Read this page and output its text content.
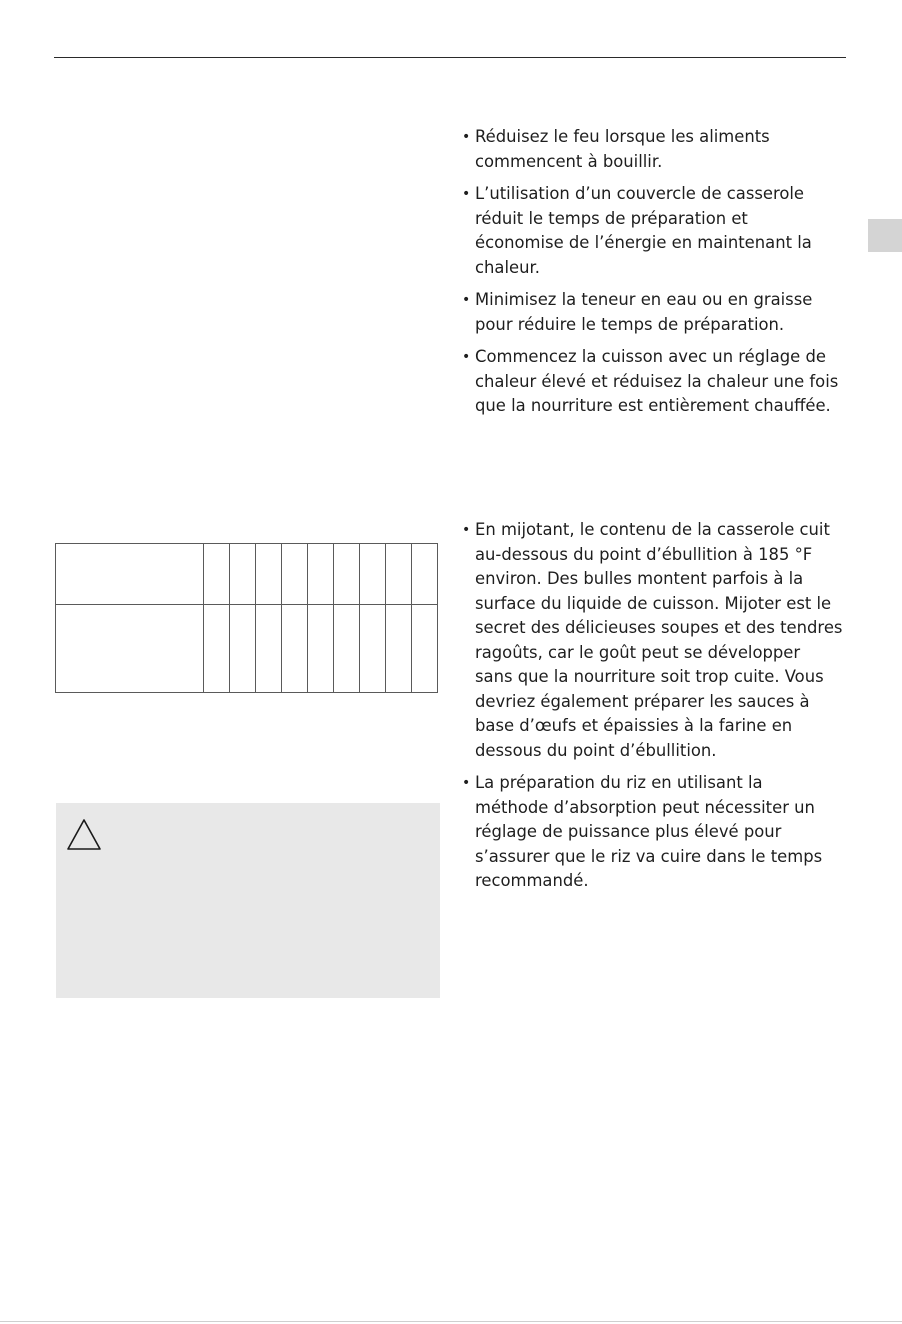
• Réduisez le feu lorsque les aliments
commencent à bouillir.
• L’utilisation d’un couvercle de casserole
réduit le temps de préparation et
économise de l’énergie en maintenant la
chaleur.
• Minimisez la teneur en eau ou en graisse
pour réduire le temps de préparation.
• Commencez la cuisson avec un réglage de
chaleur élevé et réduisez la chaleur une fois
que la nourriture est entièrement chauffée.

• En mijotant, le contenu de la casserole cuit
au-dessous du point d’ébullition à 185 °F
environ. Des bulles montent parfois à la
surface du liquide de cuisson. Mijoter est le
secret des délicieuses soupes et des tendres
ragoûts, car le goût peut se développer
sans que la nourriture soit trop cuite. Vous
devriez également préparer les sauces à
base d’œufs et épaissies à la farine en
dessous du point d’ébullition.
• La préparation du riz en utilisant la
méthode d’absorption peut nécessiter un
réglage de puissance plus élevé pour
s’assurer que le riz va cuire dans le temps
recommandé.
